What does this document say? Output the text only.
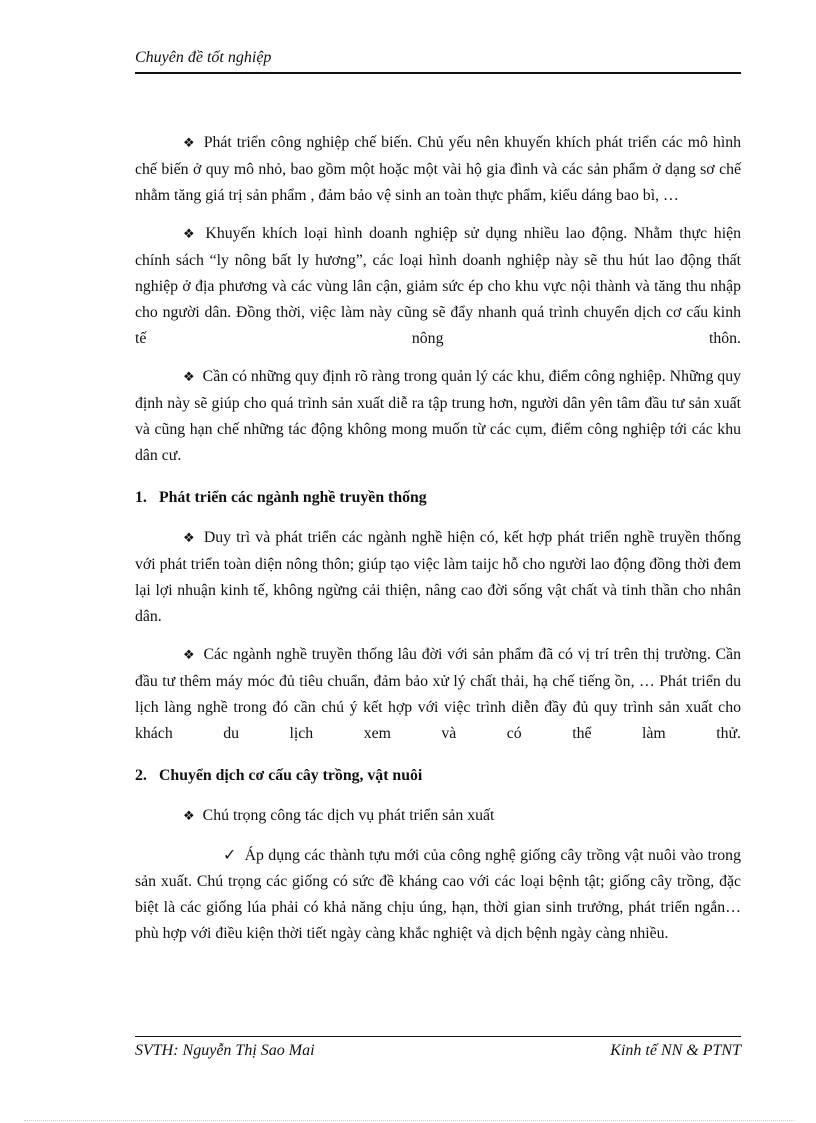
Chuyên đề tốt nghiệp

❖ Phát triển công nghiệp chế biến. Chủ yếu nên khuyến khích phát triển các mô hình chế biến ở quy mô nhỏ, bao gồm một hoặc một vài hộ gia đình và các sản phẩm ở dạng sơ chế nhằm tăng giá trị sản phẩm , đảm bảo vệ sinh an toàn thực phẩm, kiểu dáng bao bì, …

❖ Khuyến khích loại hình doanh nghiệp sử dụng nhiều lao động. Nhằm thực hiện chính sách “ly nông bất ly hương”, các loại hình doanh nghiệp này sẽ thu hút lao động thất nghiệp ở địa phương và các vùng lân cận, giảm sức ép cho khu vực nội thành và tăng thu nhập cho người dân. Đồng thời, việc làm này cũng sẽ đẩy nhanh quá trình chuyển dịch cơ cấu kinh tế nông thôn.

❖ Cần có những quy định rõ ràng trong quản lý các khu, điểm công nghiệp. Những quy định này sẽ giúp cho quá trình sản xuất diễ ra tập trung hơn, người dân yên tâm đầu tư sản xuất và cũng hạn chế những tác động không mong muốn từ các cụm, điểm công nghiệp tới các khu dân cư.

1. Phát triển các ngành nghề truyền thống

❖ Duy trì và phát triển các ngành nghề hiện có, kết hợp phát triển nghề truyền thống với phát triển toàn diện nông thôn; giúp tạo việc làm taijc hỗ cho người lao động đồng thời đem lại lợi nhuận kinh tế, không ngừng cải thiện, nâng cao đời sống vật chất và tinh thần cho nhân dân.

❖ Các ngành nghề truyền thống lâu đời với sản phẩm đã có vị trí trên thị trường. Cần đầu tư thêm máy móc đủ tiêu chuẩn, đảm bảo xử lý chất thải, hạ chế tiếng ồn, … Phát triển du lịch làng nghề trong đó cần chú ý kết hợp với việc trình diễn đầy đủ quy trình sản xuất cho khách du lịch xem và có thể làm thử.

2. Chuyển dịch cơ cấu cây trồng, vật nuôi

❖ Chú trọng công tác dịch vụ phát triển sản xuất

✓ Áp dụng các thành tựu mới của công nghệ giống cây trồng vật nuôi vào trong sản xuất. Chú trọng các giống có sức đề kháng cao với các loại bệnh tật; giống cây trồng, đặc biệt là các giống lúa phải có khả năng chịu úng, hạn, thời gian sinh trưởng, phát triển ngắn… phù hợp với điều kiện thời tiết ngày càng khắc nghiệt và dịch bệnh ngày càng nhiều.

SVTH: Nguyễn Thị Sao Mai	Kinh tế NN & PTNT
